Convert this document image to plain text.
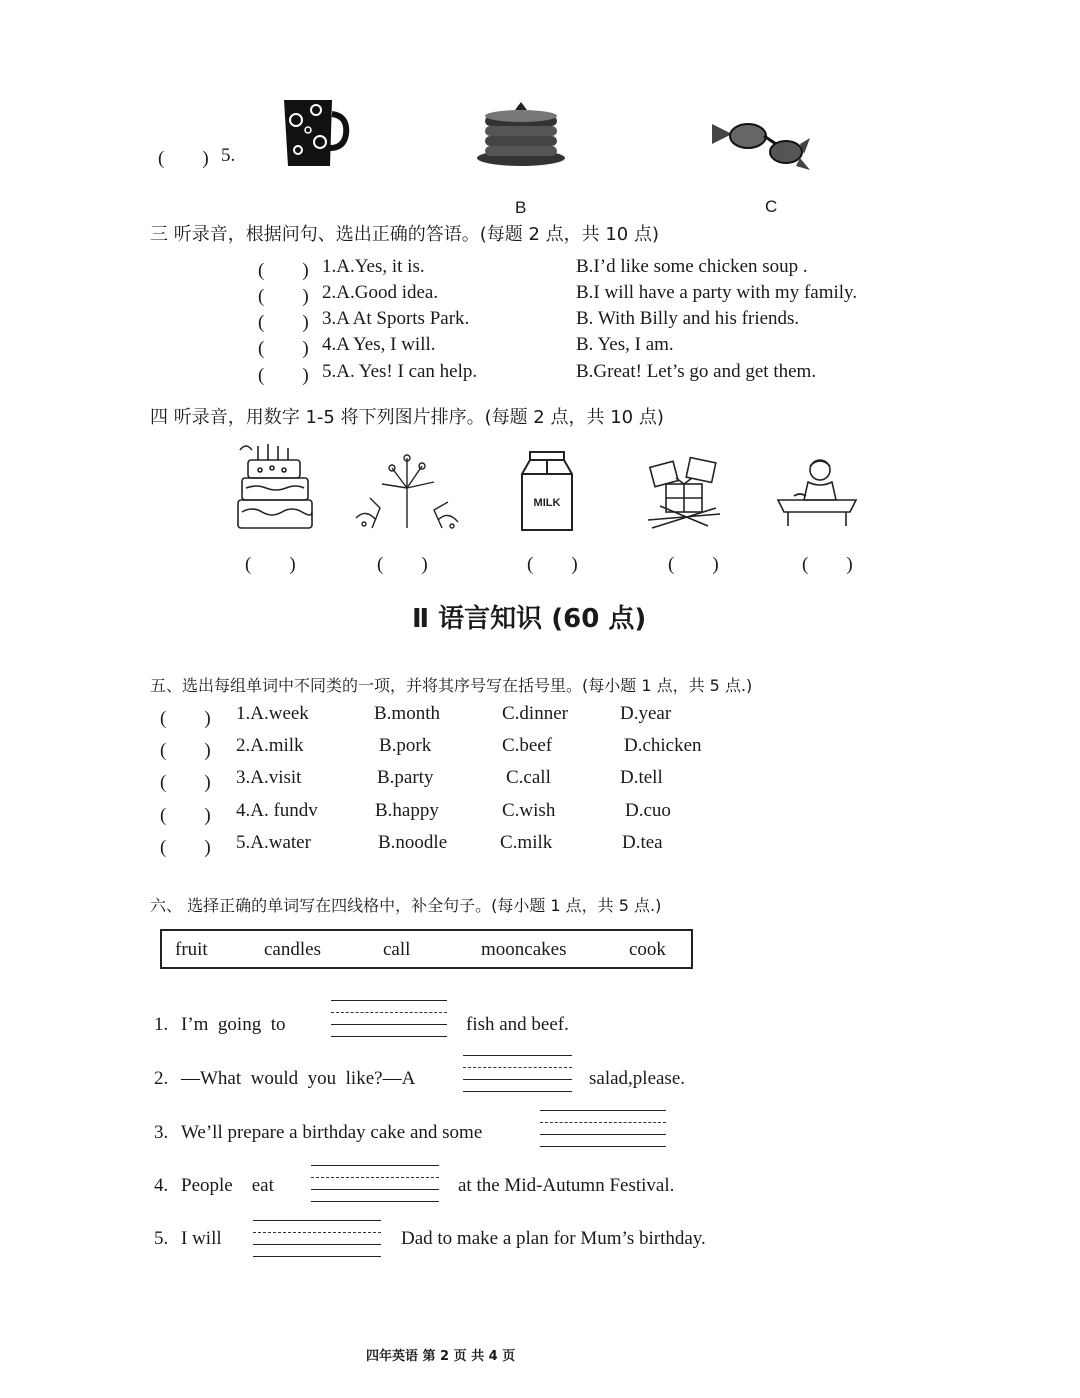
(　　) 5.
B	C
三 听录音，根据问句、选出正确的答语。(每题 2 点，共 10 点)
(　　) 1.A.Yes, it is.	B.I’d like some chicken soup .
(　　) 2.A.Good idea.	B.I will have a party with my family.
(　　) 3.A At Sports Park.	B. With Billy and his friends.
(　　) 4.A Yes, I will.	B. Yes, I am.
(　　) 5.A. Yes! I can help.	B.Great! Let’s go and get them.
四 听录音，用数字 1-5 将下列图片排序。(每题 2 点，共 10 点)
MILK
(　　)	(　　)	(　　)	(　　)	(　　)
Ⅱ 语言知识 (60 点)
五、选出每组单词中不同类的一项，并将其序号写在括号里。(每小题 1 点，共 5 点.)
(　　) 1.A.week	B.month	C.dinner	D.year
(　　) 2.A.milk	B.pork	C.beef	D.chicken
(　　) 3.A.visit	B.party	C.call	D.tell
(　　) 4.A. fundv	B.happy	C.wish	D.cuo
(　　) 5.A.water	B.noodle	C.milk	D.tea
六、 选择正确的单词写在四线格中，补全句子。(每小题 1 点，共 5 点.)
fruit	candles	call	mooncakes	cook
1. I’m  going  to	fish and beef.
2. —What  would  you  like?—A	salad,please.
3. We’ll prepare a birthday cake and some
4. People    eat	at the Mid-Autumn Festival.
5. I will	Dad to make a plan for Mum’s birthday.
四年英语 第 2 页 共 4 页
